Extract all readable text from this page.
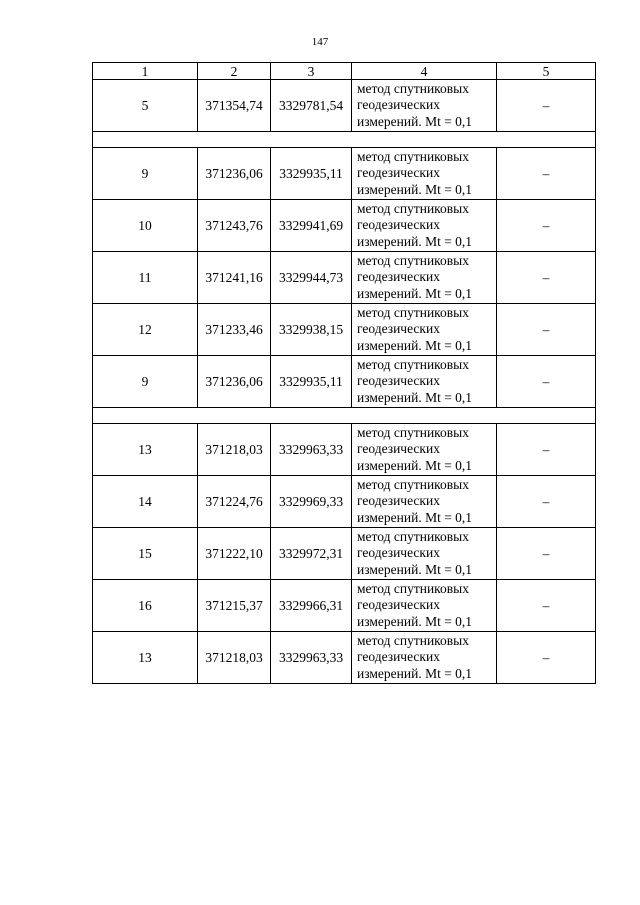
147
1	2	3	4	5
5	371354,74	3329781,54	метод спутниковых
геодезических
измерений. Mt = 0,1	–

9	371236,06	3329935,11	метод спутниковых
геодезических
измерений. Mt = 0,1	–
10	371243,76	3329941,69	метод спутниковых
геодезических
измерений. Mt = 0,1	–
11	371241,16	3329944,73	метод спутниковых
геодезических
измерений. Mt = 0,1	–
12	371233,46	3329938,15	метод спутниковых
геодезических
измерений. Mt = 0,1	–
9	371236,06	3329935,11	метод спутниковых
геодезических
измерений. Mt = 0,1	–

13	371218,03	3329963,33	метод спутниковых
геодезических
измерений. Mt = 0,1	–
14	371224,76	3329969,33	метод спутниковых
геодезических
измерений. Mt = 0,1	–
15	371222,10	3329972,31	метод спутниковых
геодезических
измерений. Mt = 0,1	–
16	371215,37	3329966,31	метод спутниковых
геодезических
измерений. Mt = 0,1	–
13	371218,03	3329963,33	метод спутниковых
геодезических
измерений. Mt = 0,1	–
